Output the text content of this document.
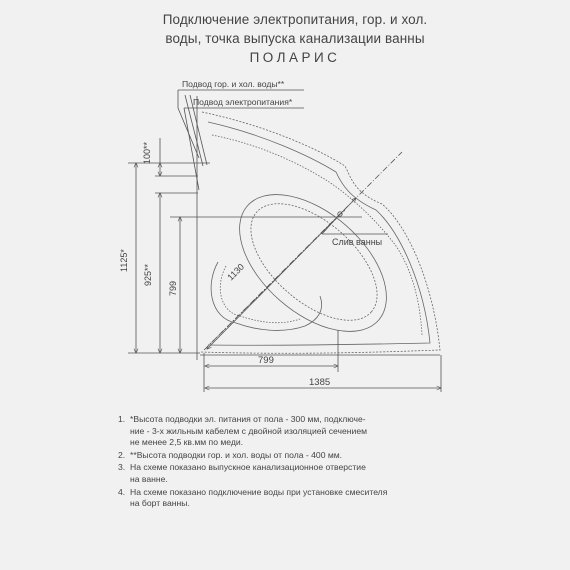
Подключение электропитания, гор. и хол.
воды, точка выпуска канализации ванны
ПОЛАРИС
1130
Подвод гор. и хол. воды**
Подвод электропитания*
Слив ванны
100**
1125*
925**
799
799
1385
1. *Высота подводки эл. питания от пола - 300 мм, подключе-
ние - 3-х жильным кабелем с двойной изоляцией сечением
не менее 2,5 кв.мм по меди.
2. **Высота подводки гор. и хол. воды от пола - 400 мм.
3. На схеме показано выпускное канализационное отверстие
на ванне.
4. На схеме показано подключение воды при установке смесителя
на борт ванны.
